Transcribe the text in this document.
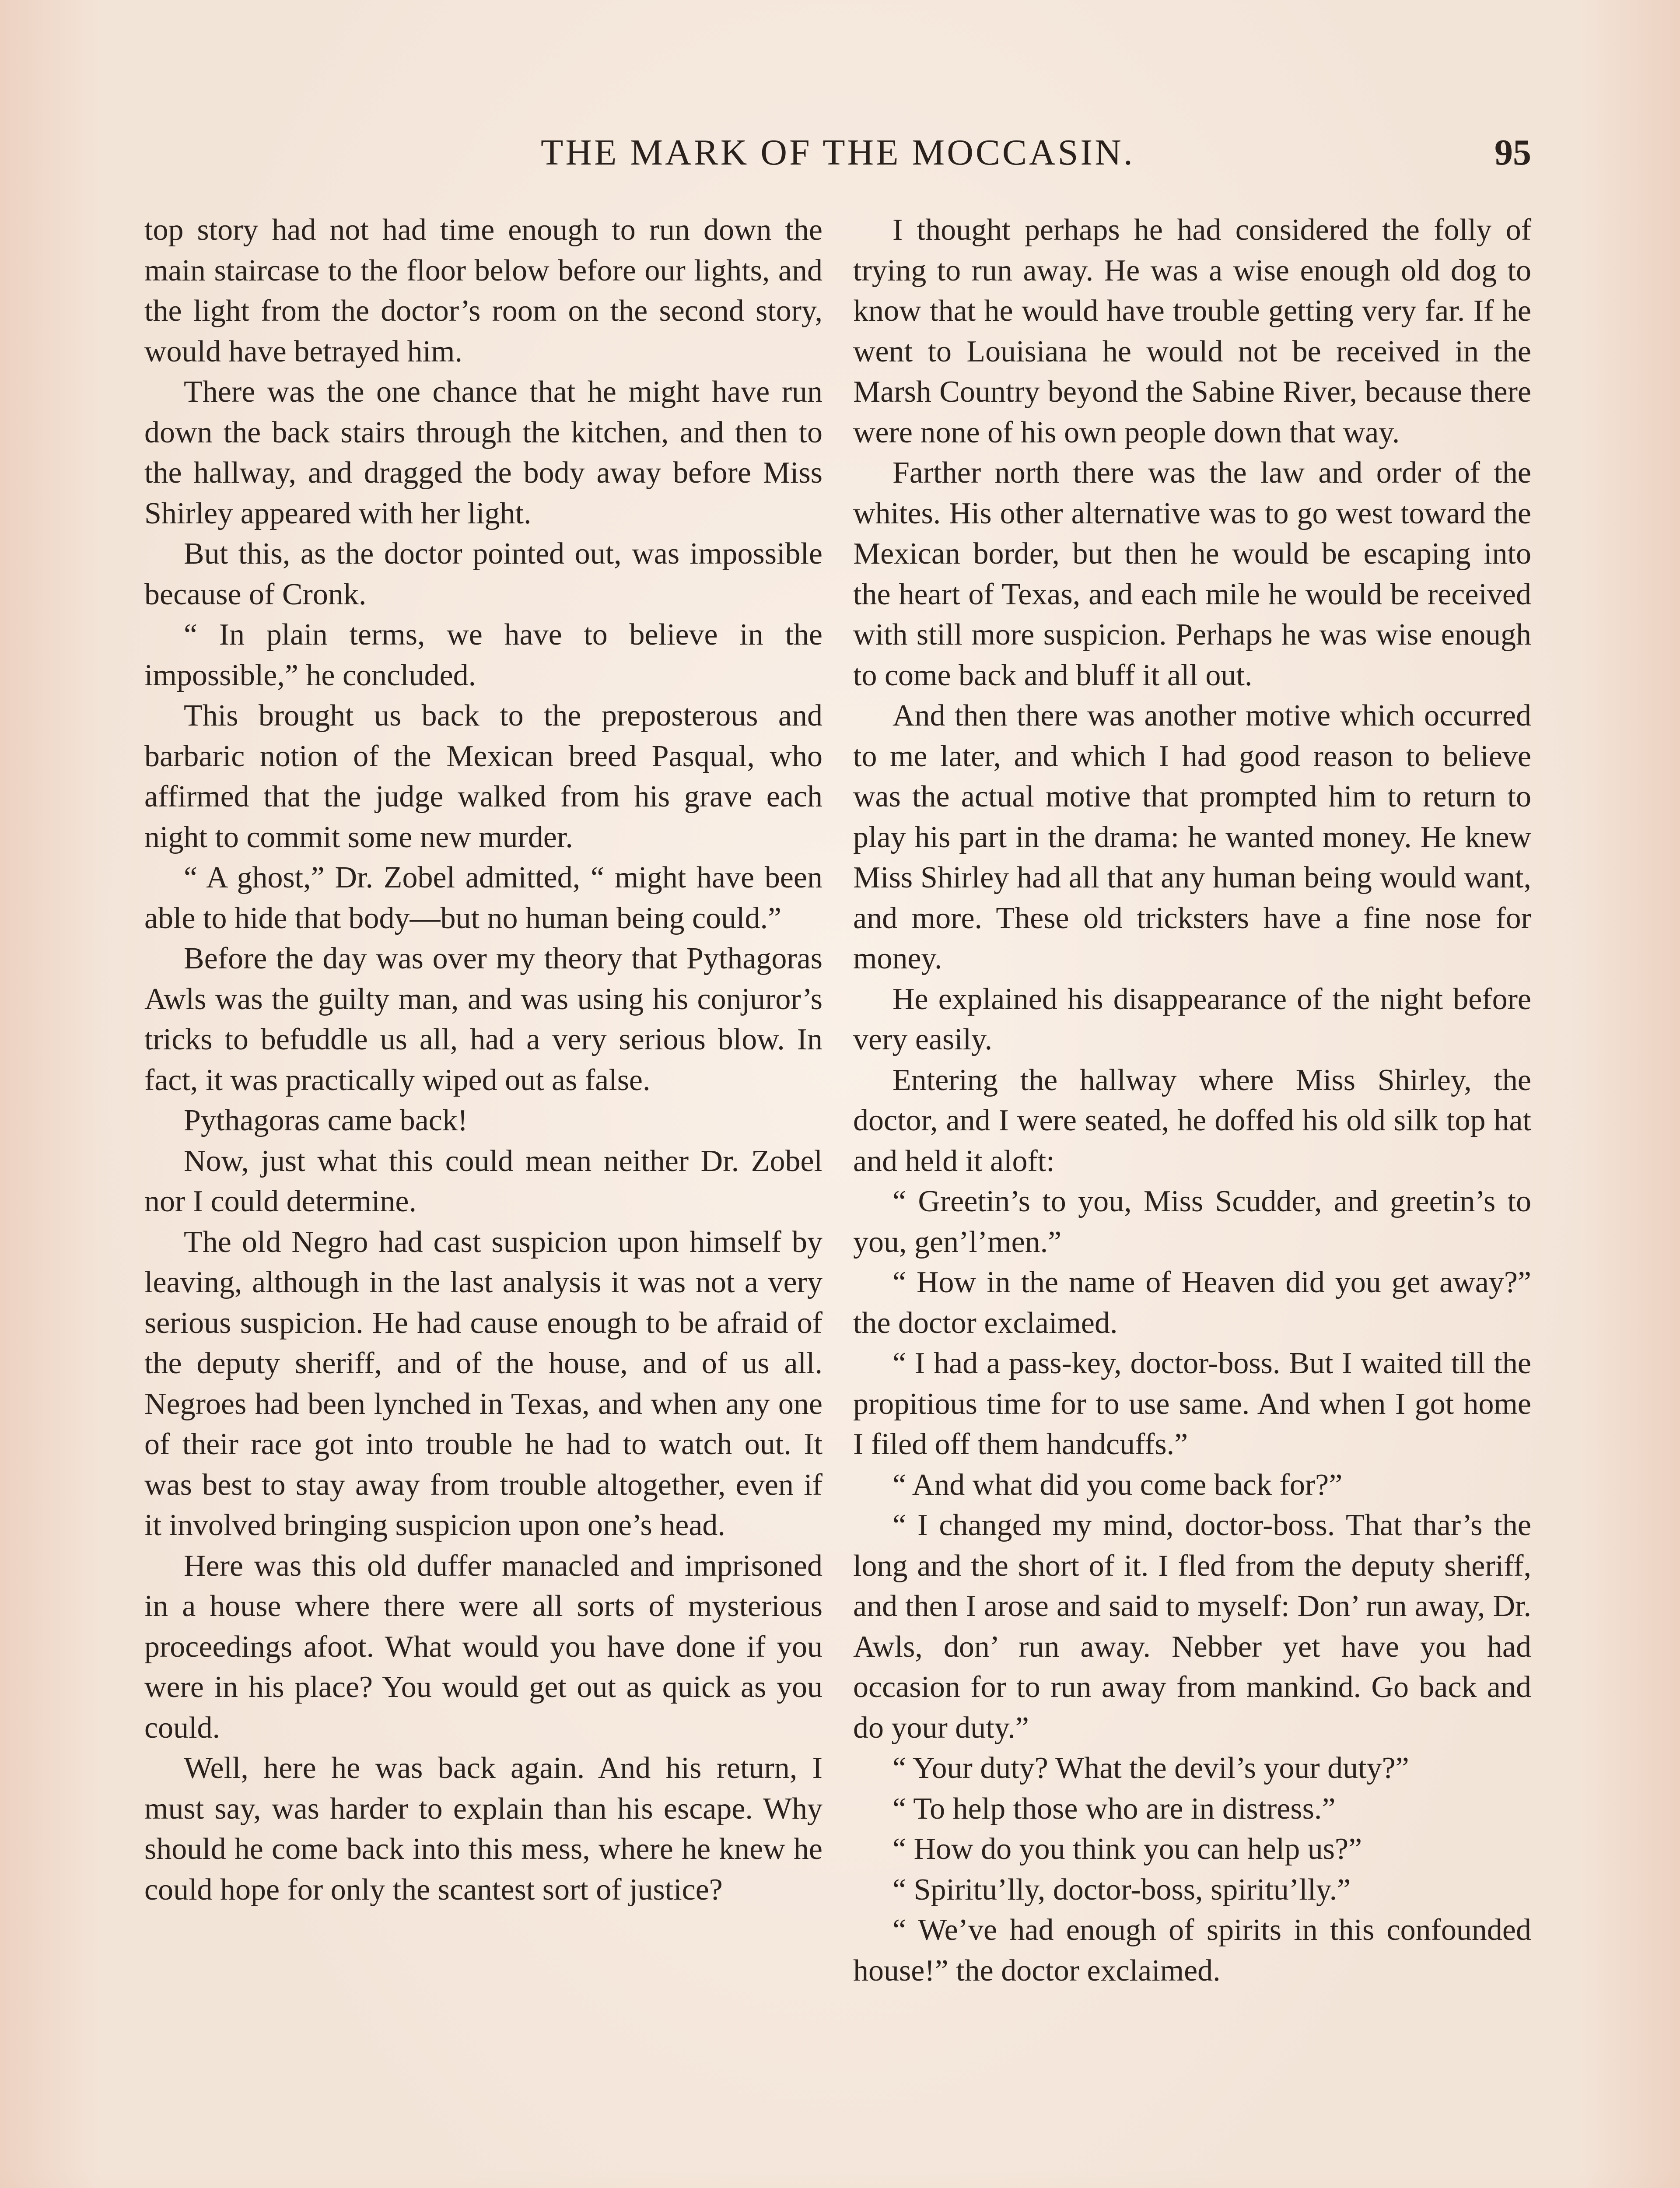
THE MARK OF THE MOCCASIN.	95

top story had not had time enough to run down the main staircase to the floor below before our lights, and the light from the doctor’s room on the second story, would have betrayed him.

There was the one chance that he might have run down the back stairs through the kitchen, and then to the hallway, and dragged the body away before Miss Shirley appeared with her light.

But this, as the doctor pointed out, was impossible because of Cronk.

“ In plain terms, we have to believe in the impossible,” he concluded.

This brought us back to the preposterous and barbaric notion of the Mexican breed Pasqual, who affirmed that the judge walked from his grave each night to commit some new murder.

“ A ghost,” Dr. Zobel admitted, “ might have been able to hide that body—but no human being could.”

Before the day was over my theory that Pythagoras Awls was the guilty man, and was using his conjuror’s tricks to befuddle us all, had a very serious blow. In fact, it was practically wiped out as false.

Pythagoras came back!

Now, just what this could mean neither Dr. Zobel nor I could determine.

The old Negro had cast suspicion upon himself by leaving, although in the last analysis it was not a very serious suspicion. He had cause enough to be afraid of the deputy sheriff, and of the house, and of us all. Negroes had been lynched in Texas, and when any one of their race got into trouble he had to watch out. It was best to stay away from trouble altogether, even if it involved bringing suspicion upon one’s head.

Here was this old duffer manacled and imprisoned in a house where there were all sorts of mysterious proceedings afoot. What would you have done if you were in his place? You would get out as quick as you could.

Well, here he was back again. And his return, I must say, was harder to explain than his escape. Why should he come back into this mess, where he knew he could hope for only the scantest sort of justice?

I thought perhaps he had considered the folly of trying to run away. He was a wise enough old dog to know that he would have trouble getting very far. If he went to Louisiana he would not be received in the Marsh Country beyond the Sabine River, because there were none of his own people down that way.

Farther north there was the law and order of the whites. His other alternative was to go west toward the Mexican border, but then he would be escaping into the heart of Texas, and each mile he would be received with still more suspicion. Perhaps he was wise enough to come back and bluff it all out.

And then there was another motive which occurred to me later, and which I had good reason to believe was the actual motive that prompted him to return to play his part in the drama: he wanted money. He knew Miss Shirley had all that any human being would want, and more. These old tricksters have a fine nose for money.

He explained his disappearance of the night before very easily.

Entering the hallway where Miss Shirley, the doctor, and I were seated, he doffed his old silk top hat and held it aloft:

“ Greetin’s to you, Miss Scudder, and greetin’s to you, gen’l’men.”

“ How in the name of Heaven did you get away?” the doctor exclaimed.

“ I had a pass-key, doctor-boss. But I waited till the propitious time for to use same. And when I got home I filed off them handcuffs.”

“ And what did you come back for?”

“ I changed my mind, doctor-boss. That thar’s the long and the short of it. I fled from the deputy sheriff, and then I arose and said to myself: Don’ run away, Dr. Awls, don’ run away. Nebber yet have you had occasion for to run away from mankind. Go back and do your duty.”

“ Your duty? What the devil’s your duty?”

“ To help those who are in distress.”

“ How do you think you can help us?”

“ Spiritu’lly, doctor-boss, spiritu’lly.”

“ We’ve had enough of spirits in this confounded house!” the doctor exclaimed.
